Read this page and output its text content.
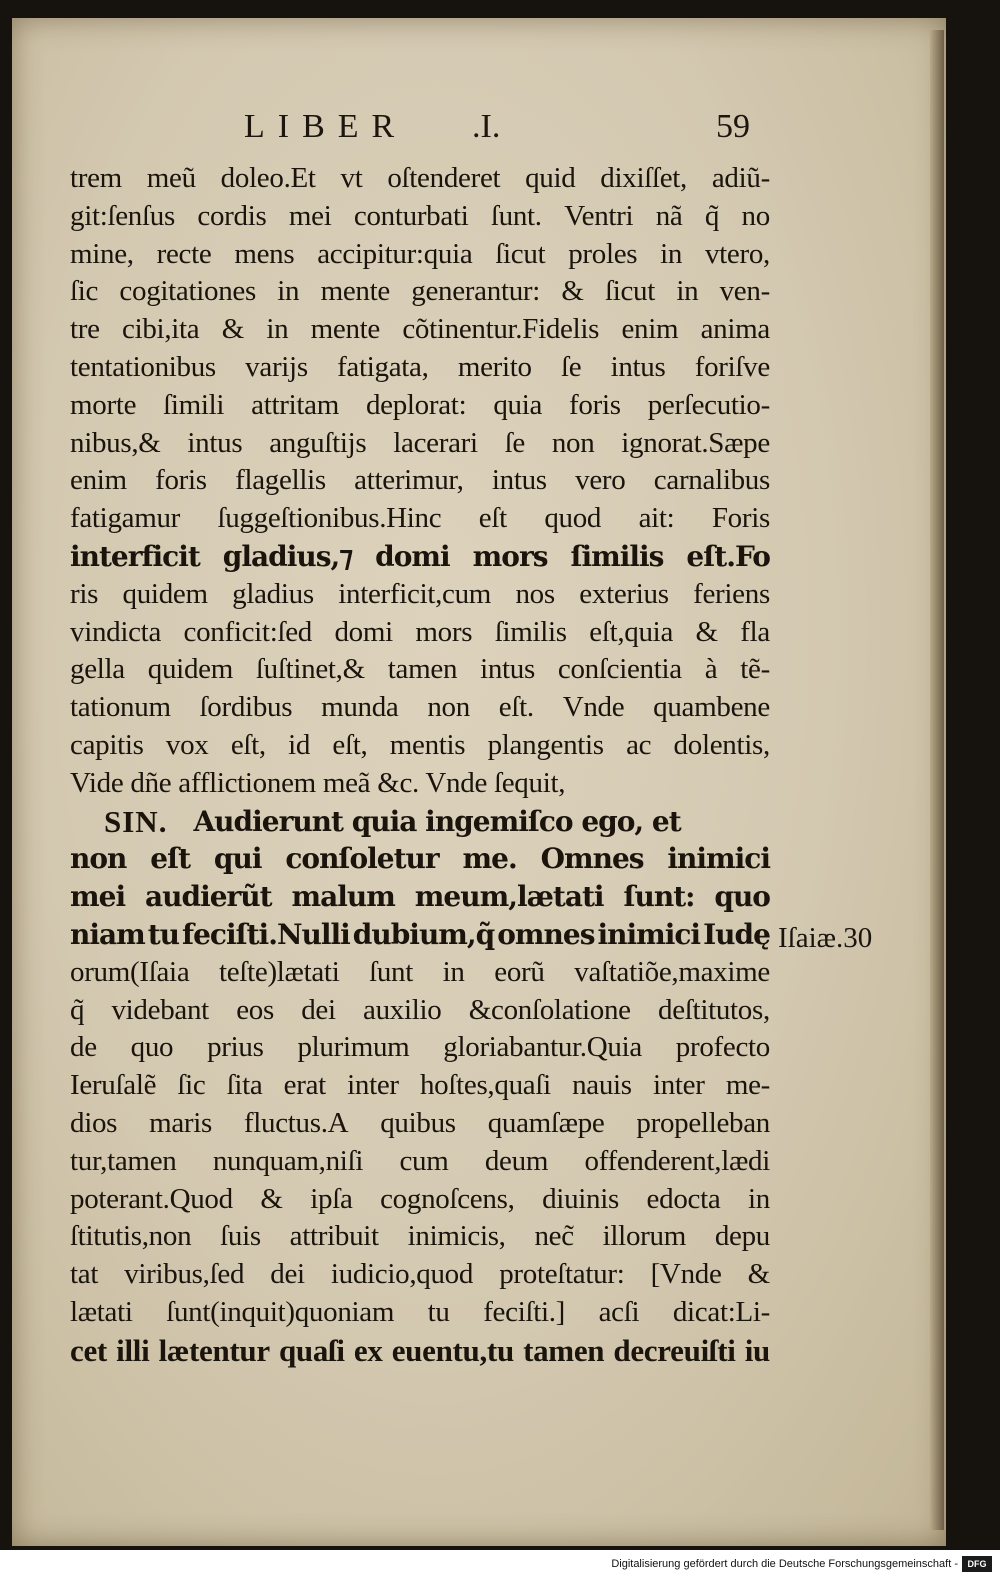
LIBER .I.	59
trem meũ doleo.Et vt oſtenderet quid dixiſſet, adiũ-
git:ſenſus cordis mei conturbati ſunt. Ventri nã q̃ no
mine, recte mens accipitur:quia ſicut proles in vtero,
ſic cogitationes in mente generantur: & ſicut in ven-
tre cibi,ita & in mente cõtinentur.Fidelis enim anima
tentationibus varijs fatigata, merito ſe intus foriſve
morte ſimili attritam deplorat: quia foris perſecutio-
nibus,& intus anguſtijs lacerari ſe non ignorat.Sæpe
enim foris flagellis atterimur, intus vero carnalibus
fatigamur ſuggeſtionibus.Hinc eſt quod ait: Foris
interficit gladius,⁊ domi mors ſimilis eſt.Fo
ris quidem gladius interficit,cum nos exterius feriens
vindicta conficit:ſed domi mors ſimilis eſt,quia & fla
gella quidem ſuſtinet,& tamen intus conſcientia à tẽ-
tationum ſordibus munda non eſt. Vnde quambene
capitis vox eſt, id eſt, mentis plangentis ac dolentis,
Vide dñe afflictionem meã &c. Vnde ſequit,
SIN. Audierunt quia ingemiſco ego, et
non eſt qui conſoletur me. Omnes inimici
mei audierũt malum meum,lætati ſunt: quo
niam tu feciſti.Nulli dubium,q̃ omnes inimici Iudę
orum(Iſaia teſte)lætati ſunt in eorũ vaſtatiõe,maxime
q̃ videbant eos dei auxilio &conſolatione deſtitutos,
de quo prius plurimum gloriabantur.Quia profecto
Ieruſalẽ ſic ſita erat inter hoſtes,quaſi nauis inter me-
dios maris fluctus.A quibus quamſæpe propelleban
tur,tamen nunquam,niſi cum deum offenderent,lædi
poterant.Quod & ipſa cognoſcens, diuinis edocta in
ſtitutis,non ſuis attribuit inimicis, nec̃ illorum depu
tat viribus,ſed dei iudicio,quod proteſtatur: [Vnde &
lætati ſunt(inquit)quoniam tu feciſti.] acſi dicat:Li-
cet illi lætentur quaſi ex euentu,tu tamen decreuiſti iu
Iſaiæ.30
Digitalisierung gefördert durch die Deutsche Forschungsgemeinschaft -	DFG
